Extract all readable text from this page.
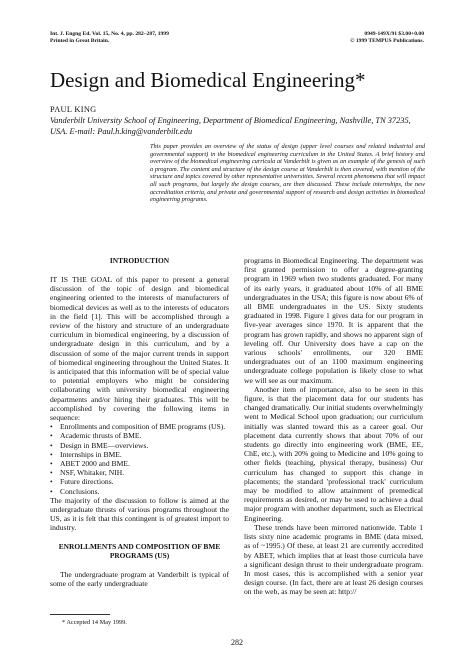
Int. J. Engng Ed. Vol. 15, No. 4, pp. 282–287, 1999
Printed in Great Britain.
0949-149X/91 $3.00+0.00
© 1999 TEMPUS Publications.
Design and Biomedical Engineering*
PAUL KING
Vanderbilt University School of Engineering, Department of Biomedical Engineering, Nashville, TN 37235, USA. E-mail: Paul.h.king@vanderbilt.edu
This paper provides an overview of the status of design (upper level courses and related industrial and governmental support) in the biomedical engineering curriculum in the United States. A brief history and overview of the biomedical engineering curricula at Vanderbilt is given as an example of the genesis of such a program. The content and structure of the design course at Vanderbilt is then covered, with mention of the structure and topics covered by other representative universities. Several recent phenomena that will impact all such programs, but largely the design courses, are then discussed. These include internships, the new accreditation criteria, and private and governmental support of research and design activities in biomedical engineering programs.
INTRODUCTION

IT IS THE GOAL of this paper to present a general discussion of the topic of design and biomedical engineering oriented to the interests of manufacturers of biomedical devices as well as to the interests of educators in the field [1]. This will be accomplished through a review of the history and structure of an undergraduate curriculum in biomedical engineering, by a discussion of undergraduate design in this curriculum, and by a discussion of some of the major current trends in support of biomedical engineering throughout the United States. It is anticipated that this information will be of special value to potential employers who might be considering collaborating with university biomedical engineering departments and/or hiring their graduates. This will be accomplished by covering the following items in sequence:

• Enrollments and composition of BME programs (US).
• Academic thrusts of BME.
• Design in BME—overviews.
• Internships in BME.
• ABET 2000 and BME.
• NSF, Whitaker, NIH.
• Future directions.
• Conclusions.

The majority of the discussion to follow is aimed at the undergraduate thrusts of various programs throughout the US, as it is felt that this contingent is of greatest import to industry.

ENROLLMENTS AND COMPOSITION OF BME PROGRAMS (US)

The undergraduate program at Vanderbilt is typical of some of the early undergraduate

programs in Biomedical Engineering. The department was first granted permission to offer a degree-granting program in 1969 when two students graduated. For many of its early years, it graduated about 10% of all BME undergraduates in the USA; this figure is now about 6% of all BME undergraduates in the US. Sixty students graduated in 1998. Figure 1 gives data for our program in five-year averages since 1970. It is apparent that the program has grown rapidly, and shows no apparent sign of leveling off. Our University does have a cap on the various schools' enrollments, our 320 BME undergraduates out of an 1100 maximum engineering undergraduate college population is likely close to what we will see as our maximum.

Another item of importance, also to be seen in this figure, is that the placement data for our students has changed dramatically. Our initial students overwhelmingly went to Medical School upon graduation; our curriculum initially was slanted toward this as a career goal. Our placement data currently shows that about 70% of our students go directly into engineering work (BME, EE, ChE, etc.), with 20% going to Medicine and 10% going to other fields (teaching, physical therapy, business) Our curriculum has changed to support this change in placements; the standard 'professional track' curriculum may be modified to allow attainment of premedical requirements as desired, or may be used to achieve a dual major program with another department, such as Electrical Engineering.

These trends have been mirrored nationwide. Table 1 lists sixty nine academic programs in BME (data mixed, as of ~1995.) Of these, at least 21 are currently accredited by ABET, which implies that at least those curricula have a significant design thrust to their undergraduate program. In most cases, this is accomplished with a senior year design course. (In fact, there are at least 26 design courses on the web, as may be seen at: http://

* Accepted 14 May 1999.
282
